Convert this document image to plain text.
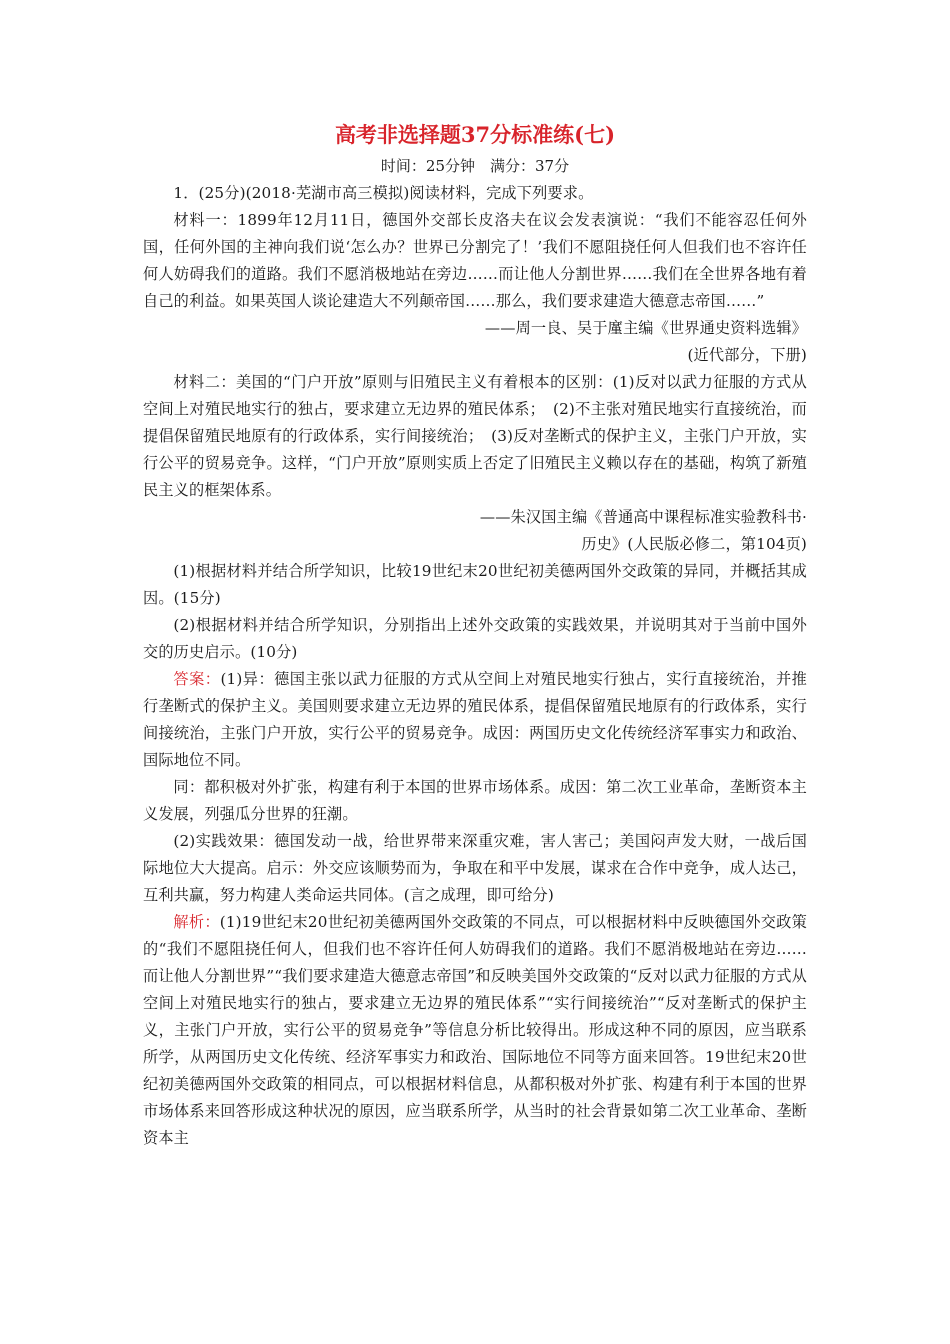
高考非选择题37分标准练(七)
时间：25分钟　满分：37分

1．(25分)(2018·芜湖市高三模拟)阅读材料，完成下列要求。

材料一：1899年12月11日，德国外交部长皮洛夫在议会发表演说：“我们不能容忍任何外国，任何外国的主神向我们说‘怎么办？世界已分割完了！’我们不愿阻挠任何人但我们也不容许任何人妨碍我们的道路。我们不愿消极地站在旁边……而让他人分割世界……我们在全世界各地有着自己的利益。如果英国人谈论建造大不列颠帝国……那么，我们要求建造大德意志帝国……”

——周一良、吴于廑主编《世界通史资料选辑》

(近代部分，下册)

材料二：美国的“门户开放”原则与旧殖民主义有着根本的区别：(1)反对以武力征服的方式从空间上对殖民地实行的独占，要求建立无边界的殖民体系；　(2)不主张对殖民地实行直接统治，而提倡保留殖民地原有的行政体系，实行间接统治；　(3)反对垄断式的保护主义，主张门户开放，实行公平的贸易竞争。这样，“门户开放”原则实质上否定了旧殖民主义赖以存在的基础，构筑了新殖民主义的框架体系。

——朱汉国主编《普通高中课程标准实验教科书·

历史》(人民版必修二，第104页)

(1)根据材料并结合所学知识，比较19世纪末20世纪初美德两国外交政策的异同，并概括其成因。(15分)

(2)根据材料并结合所学知识，分别指出上述外交政策的实践效果，并说明其对于当前中国外交的历史启示。(10分)

答案：(1)异：德国主张以武力征服的方式从空间上对殖民地实行独占，实行直接统治，并推行垄断式的保护主义。美国则要求建立无边界的殖民体系，提倡保留殖民地原有的行政体系，实行间接统治，主张门户开放，实行公平的贸易竞争。成因：两国历史文化传统经济军事实力和政治、国际地位不同。

同：都积极对外扩张，构建有利于本国的世界市场体系。成因：第二次工业革命，垄断资本主义发展，列强瓜分世界的狂潮。

(2)实践效果：德国发动一战，给世界带来深重灾难，害人害己；美国闷声发大财，一战后国际地位大大提高。启示：外交应该顺势而为，争取在和平中发展，谋求在合作中竞争，成人达己，互利共赢，努力构建人类命运共同体。(言之成理，即可给分)

解析：(1)19世纪末20世纪初美德两国外交政策的不同点，可以根据材料中反映德国外交政策的“我们不愿阻挠任何人，但我们也不容许任何人妨碍我们的道路。我们不愿消极地站在旁边……而让他人分割世界”“我们要求建造大德意志帝国”和反映美国外交政策的“反对以武力征服的方式从空间上对殖民地实行的独占，要求建立无边界的殖民体系”“实行间接统治”“反对垄断式的保护主义，主张门户开放，实行公平的贸易竞争”等信息分析比较得出。形成这种不同的原因，应当联系所学，从两国历史文化传统、经济军事实力和政治、国际地位不同等方面来回答。19世纪末20世纪初美德两国外交政策的相同点，可以根据材料信息，从都积极对外扩张、构建有利于本国的世界市场体系来回答形成这种状况的原因，应当联系所学，从当时的社会背景如第二次工业革命、垄断资本主
